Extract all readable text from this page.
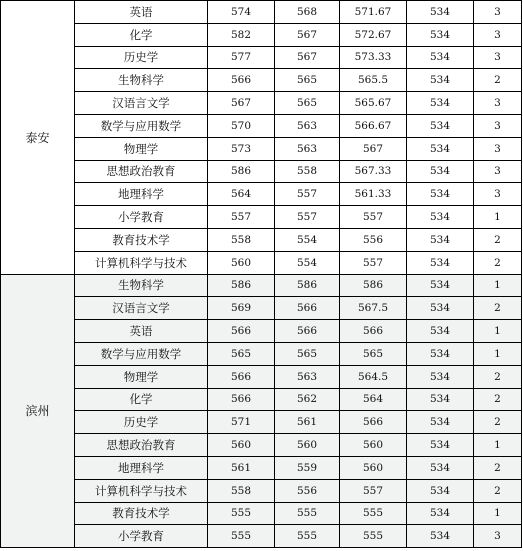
泰安	英语	574	568	571.67	534	3
	化学	582	567	572.67	534	3
	历史学	577	567	573.33	534	3
	生物科学	566	565	565.5	534	2
	汉语言文学	567	565	565.67	534	3
	数学与应用数学	570	563	566.67	534	3
	物理学	573	563	567	534	3
	思想政治教育	586	558	567.33	534	3
	地理科学	564	557	561.33	534	3
	小学教育	557	557	557	534	1
	教育技术学	558	554	556	534	2
	计算机科学与技术	560	554	557	534	2
滨州	生物科学	586	586	586	534	1
	汉语言文学	569	566	567.5	534	2
	英语	566	566	566	534	1
	数学与应用数学	565	565	565	534	1
	物理学	566	563	564.5	534	2
	化学	566	562	564	534	2
	历史学	571	561	566	534	2
	思想政治教育	560	560	560	534	1
	地理科学	561	559	560	534	2
	计算机科学与技术	558	556	557	534	2
	教育技术学	555	555	555	534	1
	小学教育	555	555	555	534	3
